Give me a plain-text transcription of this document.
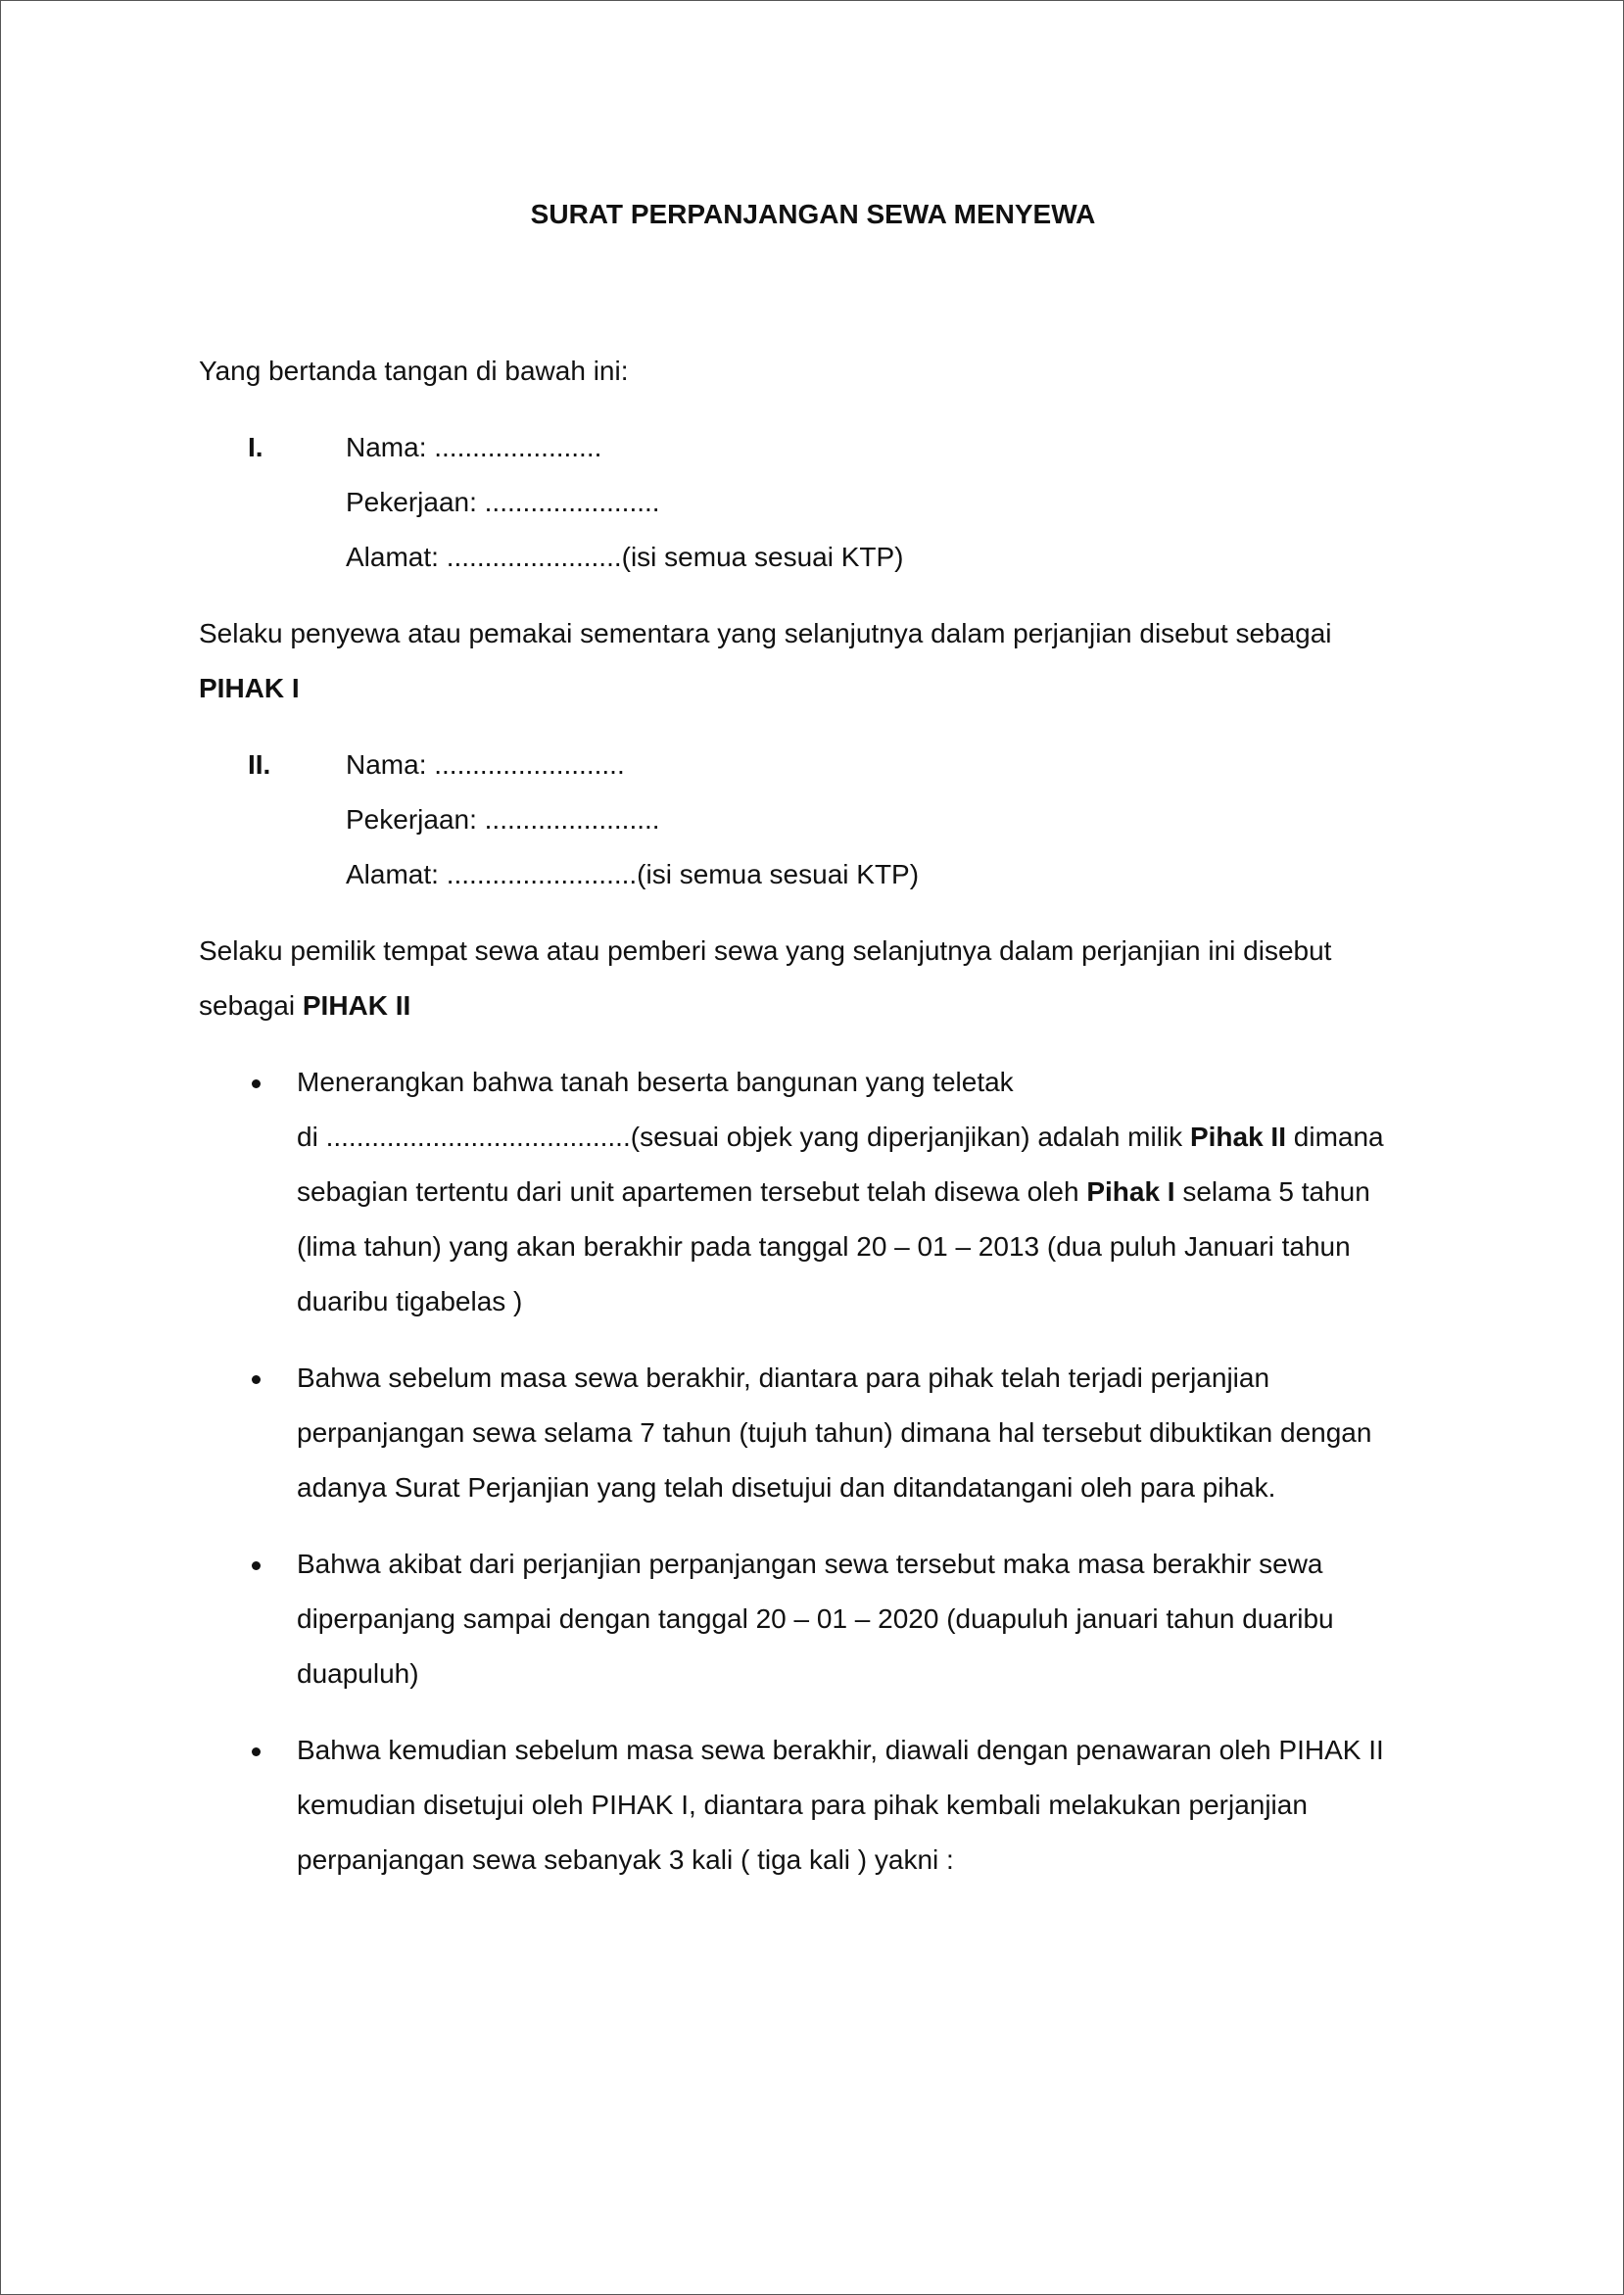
SURAT PERPANJANGAN SEWA MENYEWA
Yang bertanda tangan di bawah ini:
I.	Nama: ......................
Pekerjaan: .......................
Alamat: .......................(isi semua sesuai KTP)
Selaku penyewa atau pemakai sementara yang selanjutnya dalam perjanjian disebut sebagai
PIHAK I
II.	Nama: .........................
Pekerjaan: .......................
Alamat: .........................(isi semua sesuai KTP)
Selaku pemilik tempat sewa atau pemberi sewa yang selanjutnya dalam perjanjian ini disebut
sebagai PIHAK II
Menerangkan bahwa tanah beserta bangunan yang teletak
di ........................................(sesuai objek yang diperjanjikan) adalah milik Pihak II dimana
sebagian tertentu dari unit apartemen tersebut telah disewa oleh Pihak I selama 5 tahun
(lima tahun) yang akan berakhir pada tanggal 20 – 01 – 2013 (dua puluh Januari tahun
duaribu tigabelas )
Bahwa sebelum masa sewa berakhir, diantara para pihak telah terjadi perjanjian
perpanjangan sewa selama 7 tahun (tujuh tahun) dimana hal tersebut dibuktikan dengan
adanya Surat Perjanjian yang telah disetujui dan ditandatangani oleh para pihak.
Bahwa akibat dari perjanjian perpanjangan sewa tersebut maka masa berakhir sewa
diperpanjang sampai dengan tanggal 20 – 01 – 2020 (duapuluh januari tahun duaribu
duapuluh)
Bahwa kemudian sebelum masa sewa berakhir, diawali dengan penawaran oleh PIHAK II
kemudian disetujui oleh PIHAK I, diantara para pihak kembali melakukan perjanjian
perpanjangan sewa sebanyak 3 kali ( tiga kali ) yakni :
